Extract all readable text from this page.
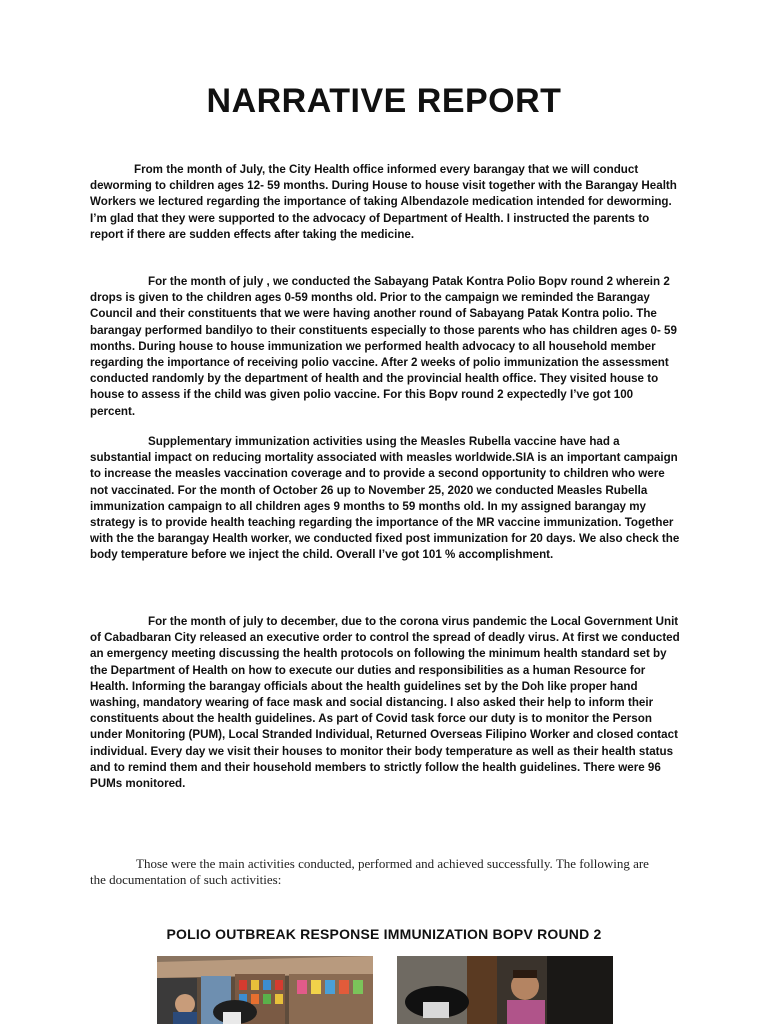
NARRATIVE REPORT

From the month of July, the City Health office informed every barangay that we will conduct deworming to children ages 12- 59 months. During House to house visit together with the Barangay Health Workers we lectured regarding the importance of taking Albendazole medication intended for deworming. I’m glad that they were supported to the advocacy of Department of Health. I instructed the parents to report if there are sudden effects after taking the medicine.

For the month of july , we conducted the Sabayang Patak Kontra Polio Bopv round 2 wherein 2 drops is given to the children ages 0-59 months old. Prior to the campaign we reminded the Barangay Council and their constituents that we were having another round of Sabayang Patak Kontra polio. The barangay performed bandilyo to their constituents especially to those parents who has children ages 0- 59 months. During house to house immunization we performed health advocacy to all household member regarding the importance of receiving polio vaccine. After 2 weeks of polio immunization the assessment conducted randomly by the department of health and the provincial health office. They visited house to house to assess if the child was given polio vaccine. For this Bopv round 2 expectedly I’ve got 100 percent.

Supplementary immunization activities using the Measles Rubella vaccine have had a substantial impact on reducing mortality associated with measles worldwide.SIA is an important campaign to increase the measles vaccination coverage and to provide a second opportunity to children who were not vaccinated. For the month of October 26 up to November 25, 2020 we conducted Measles Rubella immunization campaign to all children ages 9 months to 59 months old. In my assigned barangay my strategy is to provide health teaching regarding the importance of the MR vaccine immunization. Together with the the barangay Health worker, we conducted fixed post immunization for 20 days. We also check the body temperature before we inject the child. Overall I’ve got 101 % accomplishment.

For the month of july to december, due to the corona virus pandemic the Local Government Unit of Cabadbaran City released an executive order to control the spread of deadly virus. At first we conducted an emergency meeting discussing the health protocols on following the minimum health standard set by the Department of Health on how to execute our duties and responsibilities as a human Resource for Health. Informing the barangay officials about the health guidelines set by the Doh like proper hand washing, mandatory wearing of face mask and social distancing. I also asked their help to inform their constituents about the health guidelines. As part of Covid task force our duty is to monitor the Person under Monitoring (PUM), Local Stranded Individual, Returned Overseas Filipino Worker and closed contact individual. Every day we visit their houses to monitor their body temperature as well as their health status and to remind them and their household members to strictly follow the health guidelines. There were 96 PUMs monitored.

Those were the main activities conducted, performed and achieved successfully. The following are the documentation of such activities:

POLIO OUTBREAK RESPONSE IMMUNIZATION BOPV ROUND 2
